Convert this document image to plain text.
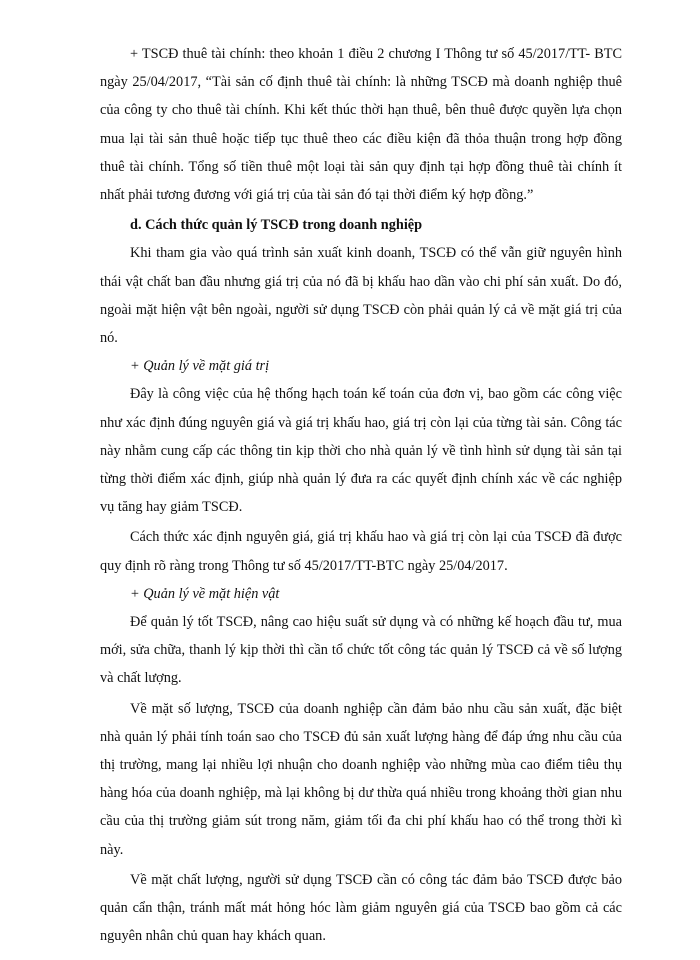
+ TSCĐ thuê tài chính: theo khoản 1 điều 2 chương I Thông tư số 45/2017/TT- BTC ngày 25/04/2017, “Tài sản cố định thuê tài chính: là những TSCĐ mà doanh nghiệp thuê của công ty cho thuê tài chính. Khi kết thúc thời hạn thuê, bên thuê được quyền lựa chọn mua lại tài sản thuê hoặc tiếp tục thuê theo các điều kiện đã thỏa thuận trong hợp đồng thuê tài chính. Tổng số tiền thuê một loại tài sản quy định tại hợp đồng thuê tài chính ít nhất phải tương đương với giá trị của tài sản đó tại thời điểm ký hợp đồng.”

d. Cách thức quản lý TSCĐ trong doanh nghiệp

Khi tham gia vào quá trình sản xuất kinh doanh, TSCĐ có thể vẫn giữ nguyên hình thái vật chất ban đầu nhưng giá trị của nó đã bị khấu hao dần vào chi phí sản xuất. Do đó, ngoài mặt hiện vật bên ngoài, người sử dụng TSCĐ còn phải quản lý cả về mặt giá trị của nó.

+ Quản lý về mặt giá trị

Đây là công việc của hệ thống hạch toán kế toán của đơn vị, bao gồm các công việc như xác định đúng nguyên giá và giá trị khấu hao, giá trị còn lại của từng tài sản. Công tác này nhằm cung cấp các thông tin kịp thời cho nhà quản lý về tình hình sử dụng tài sản tại từng thời điểm xác định, giúp nhà quản lý đưa ra các quyết định chính xác về các nghiệp vụ tăng hay giảm TSCĐ.

Cách thức xác định nguyên giá, giá trị khấu hao và giá trị còn lại của TSCĐ đã được quy định rõ ràng trong Thông tư số 45/2017/TT-BTC ngày 25/04/2017.

+ Quản lý về mặt hiện vật

Để quản lý tốt TSCĐ, nâng cao hiệu suất sử dụng và có những kế hoạch đầu tư, mua mới, sửa chữa, thanh lý kịp thời thì cần tổ chức tốt công tác quản lý TSCĐ cả về số lượng và chất lượng.

Về mặt số lượng, TSCĐ của doanh nghiệp cần đảm bảo nhu cầu sản xuất, đặc biệt nhà quản lý phải tính toán sao cho TSCĐ đủ sản xuất lượng hàng để đáp ứng nhu cầu của thị trường, mang lại nhiều lợi nhuận cho doanh nghiệp vào những mùa cao điểm tiêu thụ hàng hóa của doanh nghiệp, mà lại không bị dư thừa quá nhiều trong khoảng thời gian nhu cầu của thị trường giảm sút trong năm, giảm tối đa chi phí khấu hao có thể trong thời kì này.

Về mặt chất lượng, người sử dụng TSCĐ cần có công tác đảm bảo TSCĐ được bảo quản cẩn thận, tránh mất mát hỏng hóc làm giảm nguyên giá của TSCĐ bao gồm cả các nguyên nhân chủ quan hay khách quan.
